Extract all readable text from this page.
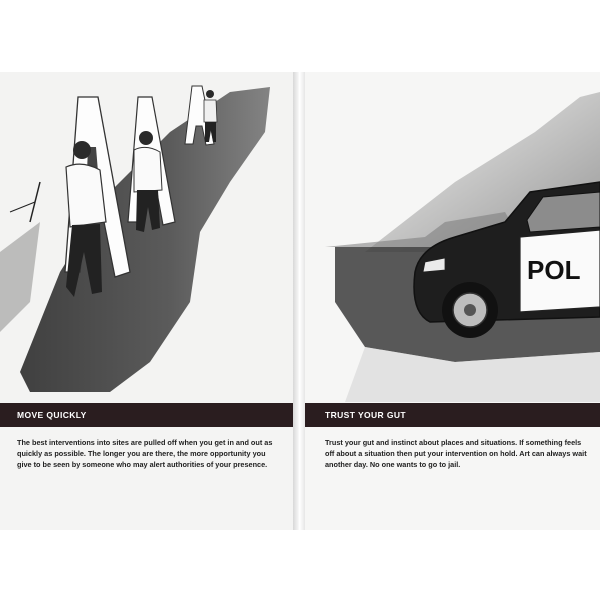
MOVE QUICKLY

The best interventions into sites are pulled off when you get in and out as quickly as possible. The longer you are there, the more opportunity you give to be seen by someone who may alert authorities of your presence.

POL
TRUST YOUR GUT

Trust your gut and instinct about places and situations. If something feels off about a situation then put your intervention on hold. Art can always wait another day. No one wants to go to jail.
